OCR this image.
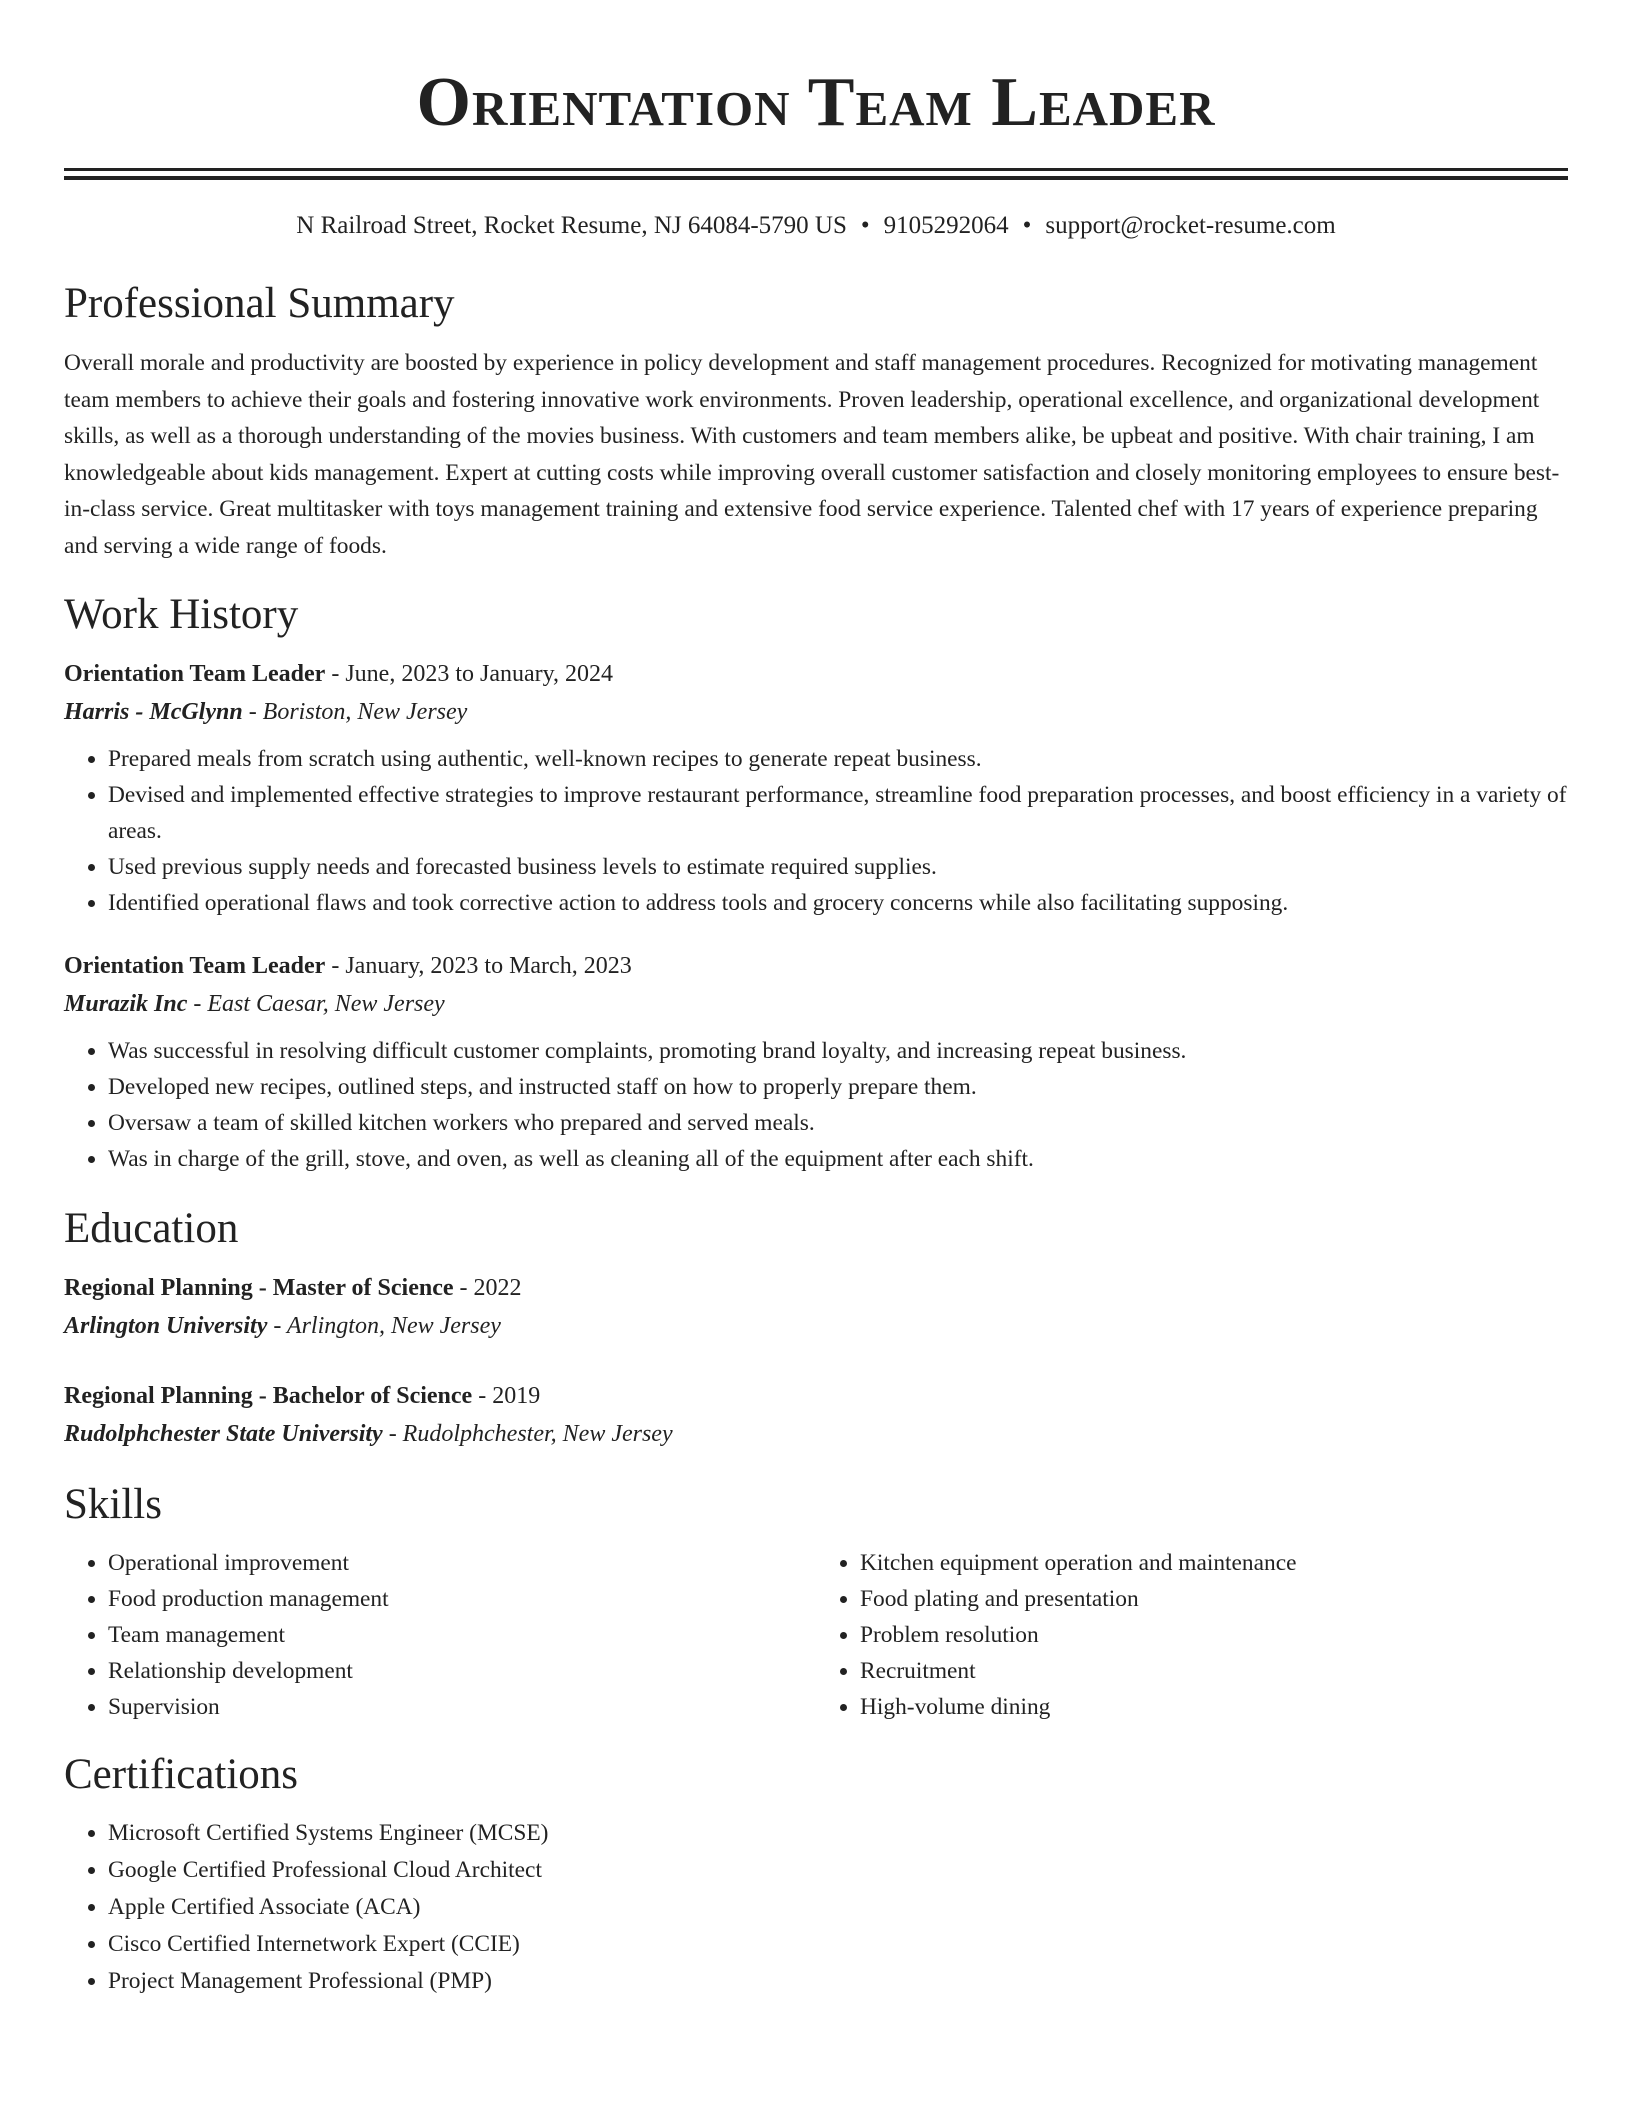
Orientation Team Leader
N Railroad Street, Rocket Resume, NJ 64084-5790 US • 9105292064 • support@rocket-resume.com
Professional Summary

Overall morale and productivity are boosted by experience in policy development and staff management procedures. Recognized for motivating management team members to achieve their goals and fostering innovative work environments. Proven leadership, operational excellence, and organizational development skills, as well as a thorough understanding of the movies business. With customers and team members alike, be upbeat and positive. With chair training, I am knowledgeable about kids management. Expert at cutting costs while improving overall customer satisfaction and closely monitoring employees to ensure best-in-class service. Great multitasker with toys management training and extensive food service experience. Talented chef with 17 years of experience preparing and serving a wide range of foods.

Work History
Orientation Team Leader - June, 2023 to January, 2024
Harris - McGlynn - Boriston, New Jersey
• Prepared meals from scratch using authentic, well-known recipes to generate repeat business.
• Devised and implemented effective strategies to improve restaurant performance, streamline food preparation processes, and boost efficiency in a variety of areas.
• Used previous supply needs and forecasted business levels to estimate required supplies.
• Identified operational flaws and took corrective action to address tools and grocery concerns while also facilitating supposing.
Orientation Team Leader - January, 2023 to March, 2023
Murazik Inc - East Caesar, New Jersey
• Was successful in resolving difficult customer complaints, promoting brand loyalty, and increasing repeat business.
• Developed new recipes, outlined steps, and instructed staff on how to properly prepare them.
• Oversaw a team of skilled kitchen workers who prepared and served meals.
• Was in charge of the grill, stove, and oven, as well as cleaning all of the equipment after each shift.
Education
Regional Planning - Master of Science - 2022
Arlington University - Arlington, New Jersey
Regional Planning - Bachelor of Science - 2019
Rudolphchester State University - Rudolphchester, New Jersey
Skills
• Operational improvement
• Food production management
• Team management
• Relationship development
• Supervision
• Kitchen equipment operation and maintenance
• Food plating and presentation
• Problem resolution
• Recruitment
• High-volume dining
Certifications
• Microsoft Certified Systems Engineer (MCSE)
• Google Certified Professional Cloud Architect
• Apple Certified Associate (ACA)
• Cisco Certified Internetwork Expert (CCIE)
• Project Management Professional (PMP)
